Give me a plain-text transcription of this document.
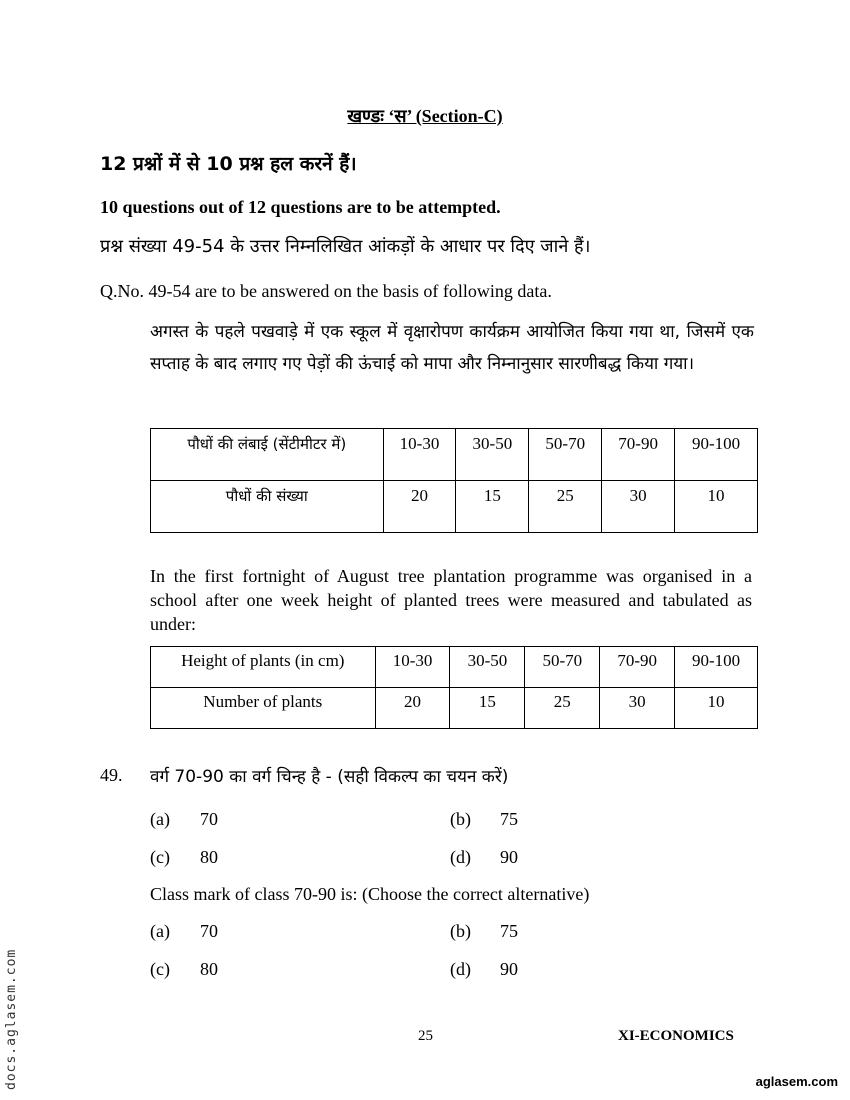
खण्डः ‘स’ (Section-C)
12 प्रश्नों में से 10 प्रश्न हल करनें हैं।
10 questions out of 12 questions are to be attempted.
प्रश्न संख्या 49-54 के उत्तर निम्नलिखित आंकड़ों के आधार पर दिए जाने हैं।
Q.No. 49-54 are to be answered on the basis of following data.
अगस्त के पहले पखवाड़े में एक स्कूल में वृक्षारोपण कार्यक्रम आयोजित किया गया था, जिसमें एक सप्ताह के बाद लगाए गए पेड़ों की ऊंचाई को मापा और निम्नानुसार सारणीबद्ध किया गया।
पौधों की लंबाई (सेंटीमीटर में)	10-30	30-50	50-70	70-90	90-100
पौधों की संख्या	20	15	25	30	10
In the first fortnight of August tree plantation programme was organised in a school after one week height of planted trees were measured and tabulated as under:
Height of plants (in cm)	10-30	30-50	50-70	70-90	90-100
Number of plants	20	15	25	30	10
49. वर्ग 70-90 का वर्ग चिन्ह है - (सही विकल्प का चयन करें)
(a) 70	(b) 75
(c) 80	(d) 90
Class mark of class 70-90 is: (Choose the correct alternative)
(a) 70	(b) 75
(c) 80	(d) 90
25	XI-ECONOMICS
docs.aglasem.com	aglasem.com
